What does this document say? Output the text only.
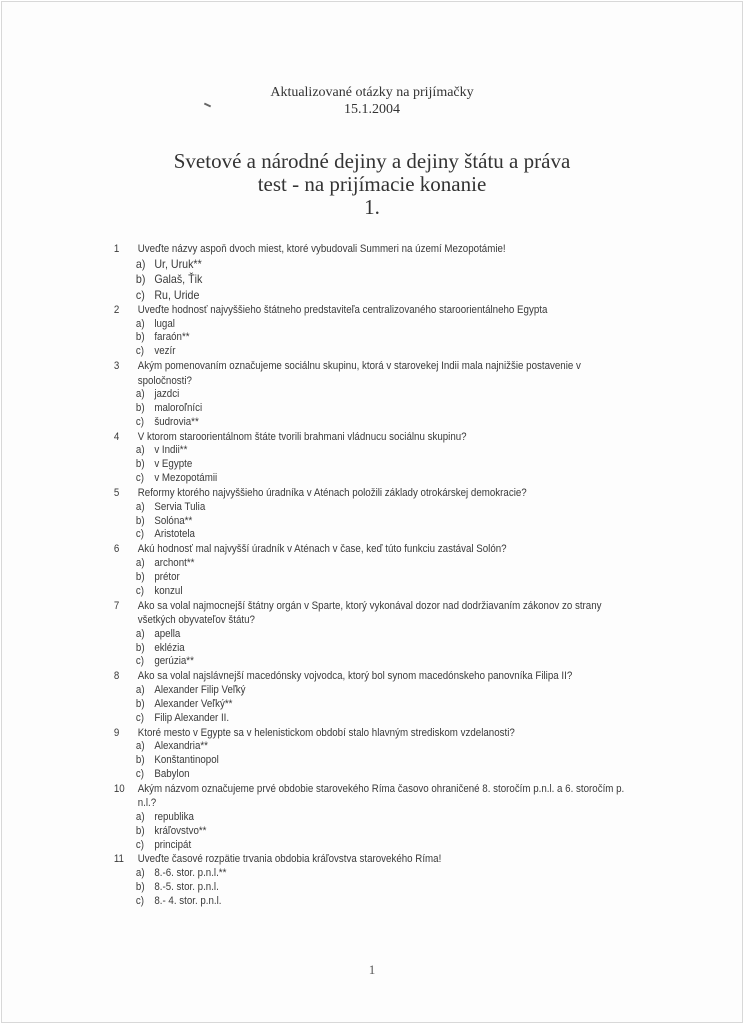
Aktualizované otázky na prijímačky
15.1.2004
Svetové a národné dejiny a dejiny štátu a práva
test - na prijímacie konanie
1.
1	Uveďte názvy aspoň dvoch miest, ktoré vybudovali Summeri na území Mezopotámie!
a) Ur, Uruk**
b) Galaš, Ťik
c) Ru, Uride
2	Uveďte hodnosť najvyššieho štátneho predstaviteľa centralizovaného staroorientálneho Egypta
a) lugal
b) faraón**
c) vezír
3	Akým pomenovaním označujeme sociálnu skupinu, ktorá v starovekej Indii mala najnižšie postavenie v spoločnosti?
a) jazdci
b) maloroľníci
c) šudrovia**
4	V ktorom staroorientálnom štáte tvorili brahmani vládnucu sociálnu skupinu?
a) v Indii**
b) v Egypte
c) v Mezopotámii
5	Reformy ktorého najvyššieho úradníka v Aténach položili základy otrokárskej demokracie?
a) Servia Tulia
b) Solóna**
c) Aristotela
6	Akú hodnosť mal najvyšší úradník v Aténach v čase, keď túto funkciu zastával Solón?
a) archont**
b) prétor
c) konzul
7	Ako sa volal najmocnejší štátny orgán v Sparte, ktorý vykonával dozor nad dodržiavaním zákonov zo strany všetkých obyvateľov štátu?
a) apella
b) eklézia
c) gerúzia**
8	Ako sa volal najslávnejší macedónsky vojvodca, ktorý bol synom macedónskeho panovníka Filipa II?
a) Alexander Filip Veľký
b) Alexander Veľký**
c) Filip Alexander II.
9	Ktoré mesto v Egypte sa v helenistickom období stalo hlavným strediskom vzdelanosti?
a) Alexandria**
b) Konštantinopol
c) Babylon
10	Akým názvom označujeme prvé obdobie starovekého Ríma časovo ohraničené 8. storočím p.n.l. a 6. storočím p. n.l.?
a) republika
b) kráľovstvo**
c) principát
11	Uveďte časové rozpätie trvania obdobia kráľovstva starovekého Ríma!
a) 8.-6. stor. p.n.l.**
b) 8.-5. stor. p.n.l.
c) 8.- 4. stor. p.n.l.
1
